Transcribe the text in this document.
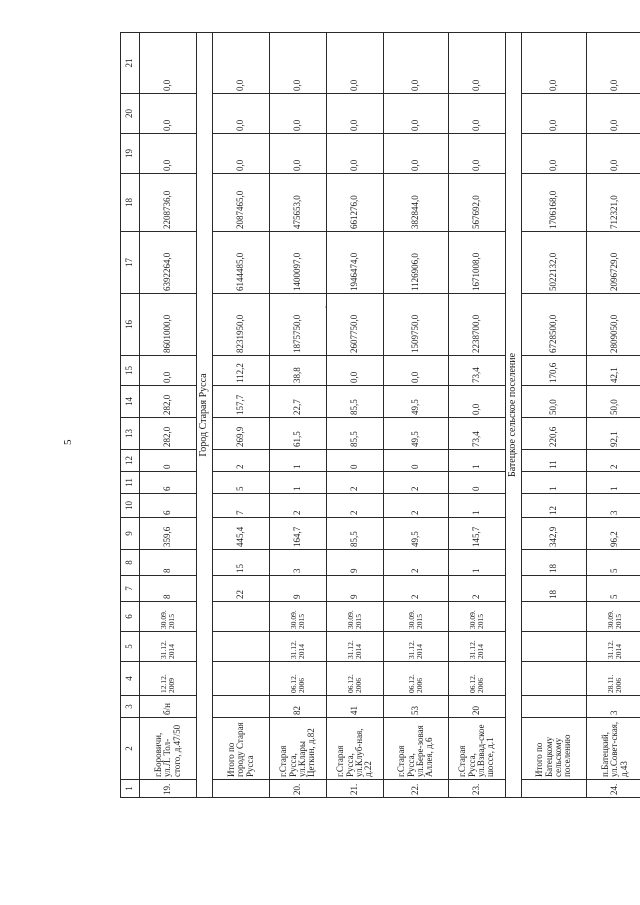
5
,
1	2	3	4	5	6	7	8	9	10	11	12	13	14	15	16	17	18	19	20	21
19.	г.Боровичи, ул.Л. Тол-стого, д.47/50	б/н	12.12. 2009	31.12. 2014	30.09. 2015	8	8	359,6	6	6	0	282,0	282,0	0,0	8601000,0	6392264,0	2208736,0	0,0	0,0	0,0
Город Старая Русса																				
	Итого по городу Старая Русса					22	15	445,4	7	5	2	269,9	157,7	112,2	8231950,0	6144485,0	2087465,0	0,0	0,0	0,0
20.	г.Старая Русса, ул.Клары Цеткин, д.82	82	06.12. 2006	31.12. 2014	30.09. 2015	9	3	164,7	2	1	1	61,5	22,7	38,8	1875750,0	1400097,0	475653,0	0,0	0,0	0,0
21.	г.Старая Русса, ул.Клуб-ная, д.22	41	06.12. 2006	31.12. 2014	30.09. 2015	9	9	85,5	2	2	0	85,5	85,5	0,0	2607750,0	1946474,0	661276,0	0,0	0,0	0,0
22.	г.Старая Русса, ул.Бере-зовая Аллея, д.6	53	06.12. 2006	31.12. 2014	30.09. 2015	2	2	49,5	2	2	0	49,5	49,5	0,0	1509750,0	1126906,0	382844,0	0,0	0,0	0,0
23.	г.Старая Русса, ул.Взвад-ское шоссе, д.1	20	06.12. 2006	31.12. 2014	30.09. 2015	2	1	145,7	1	0	1	73,4	0,0	73,4	2238700,0	1671008,0	567692,0	0,0	0,0	0,0
Батецкое сельское поселение																				
	Итого по Батецкому сельскому поселению					18	18	342,9	12	1	11	220,6	50,0	170,6	6728500,0	5022132,0	1706168,0	0,0	0,0	0,0
24.	п.Батецкий, ул.Совет-ская, д.43	3	28.11. 2006	31.12. 2014	30.09. 2015	5	5	96,2	3	1	2	92,1	50,0	42,1	2809050,0	2096729,0	712321,0	0,0	0,0	0,0
